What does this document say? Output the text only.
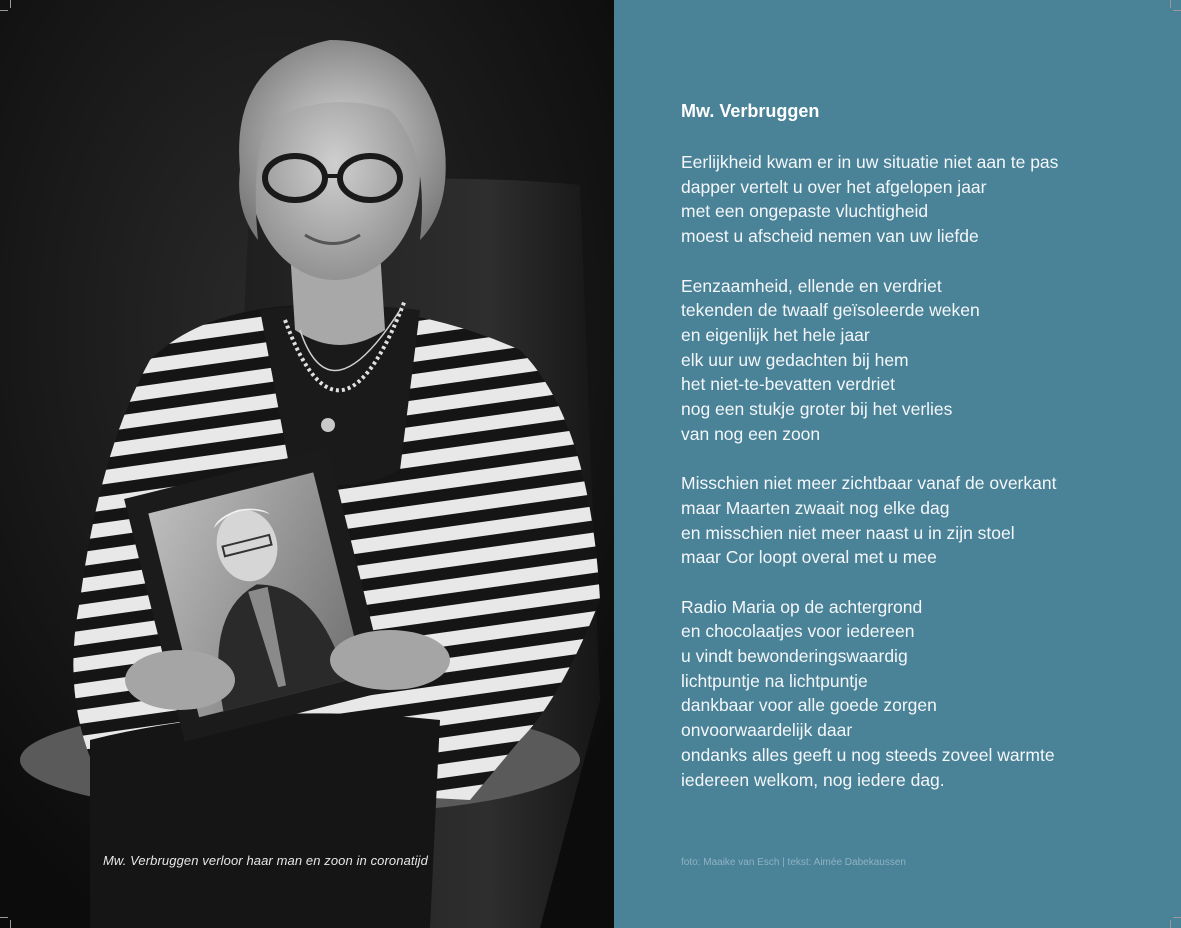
Mw. Verbruggen verloor haar man en zoon in coronatijd
Mw. Verbruggen
Eerlijkheid kwam er in uw situatie niet aan te pas
dapper vertelt u over het afgelopen jaar
met een ongepaste vluchtigheid
moest u afscheid nemen van uw liefde
Eenzaamheid, ellende en verdriet
tekenden de twaalf geïsoleerde weken
en eigenlijk het hele jaar
elk uur uw gedachten bij hem
het niet-te-bevatten verdriet
nog een stukje groter bij het verlies
van nog een zoon
Misschien niet meer zichtbaar vanaf de overkant
maar Maarten zwaait nog elke dag
en misschien niet meer naast u in zijn stoel
maar Cor loopt overal met u mee
Radio Maria op de achtergrond
en chocolaatjes voor iedereen
u vindt bewonderingswaardig
lichtpuntje na lichtpuntje
dankbaar voor alle goede zorgen
onvoorwaardelijk daar
ondanks alles geeft u nog steeds zoveel warmte
iedereen welkom, nog iedere dag.
foto: Maaike van Esch | tekst: Aimée Dabekaussen
